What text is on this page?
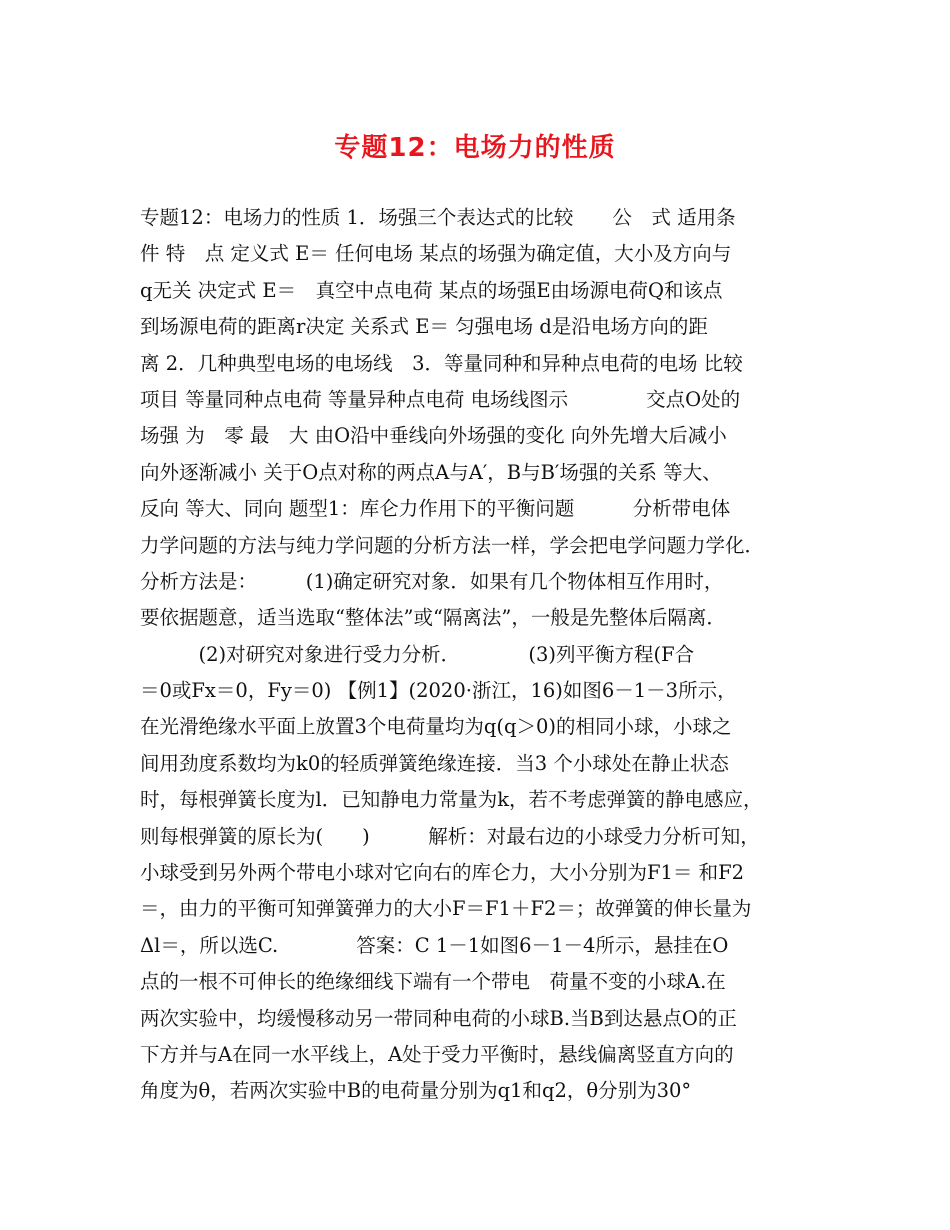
专题12：电场力的性质
专题12：电场力的性质 1．场强三个表达式的比较　　公　式 适用条
件 特　点 定义式 E＝ 任何电场 某点的场强为确定值，大小及方向与
q无关 决定式 E＝　真空中点电荷 某点的场强E由场源电荷Q和该点
到场源电荷的距离r决定 关系式 E＝ 匀强电场 d是沿电场方向的距
离 2．几种典型电场的电场线　3．等量同种和异种点电荷的电场 比较
项目 等量同种点电荷 等量异种点电荷 电场线图示　　　　交点O处的
场强 为　零 最　大 由O沿中垂线向外场强的变化 向外先增大后减小
向外逐渐减小 关于O点对称的两点A与A′，B与B′场强的关系 等大、
反向 等大、同向 题型1：库仑力作用下的平衡问题　　　分析带电体
力学问题的方法与纯力学问题的分析方法一样，学会把电学问题力学化．
分析方法是：　　　(1)确定研究对象．如果有几个物体相互作用时，
要依据题意，适当选取“整体法”或“隔离法”，一般是先整体后隔离．
　　　(2)对研究对象进行受力分析．　　　　(3)列平衡方程(F合
＝0或Fx＝0，Fy＝0) 【例1】(2020·浙江，16)如图6－1－3所示，
在光滑绝缘水平面上放置3个电荷量均为q(q＞0)的相同小球，小球之
间用劲度系数均为k0的轻质弹簧绝缘连接．当3 个小球处在静止状态
时，每根弹簧长度为l．已知静电力常量为k，若不考虑弹簧的静电感应，
则每根弹簧的原长为(　　)　　　解析：对最右边的小球受力分析可知，
小球受到另外两个带电小球对它向右的库仑力，大小分别为F1＝ 和F2
＝，由力的平衡可知弹簧弹力的大小F＝F1＋F2＝；故弹簧的伸长量为
Δl＝，所以选C.　　　　答案：C 1－1如图6－1－4所示，悬挂在O
点的一根不可伸长的绝缘细线下端有一个带电　荷量不变的小球A.在
两次实验中，均缓慢移动另一带同种电荷的小球B.当B到达悬点O的正
下方并与A在同一水平线上，A处于受力平衡时，悬线偏离竖直方向的
角度为θ，若两次实验中B的电荷量分别为q1和q2，θ分别为30°
